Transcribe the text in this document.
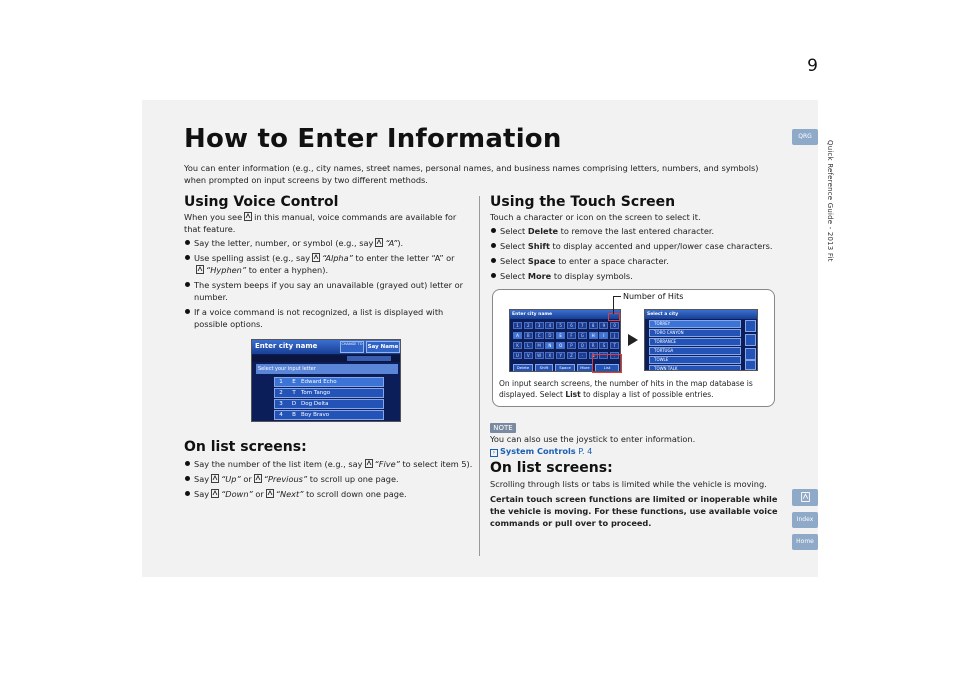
9
How to Enter Information
You can enter information (e.g., city names, street names, personal names, and business names comprising letters, numbers, and symbols) when prompted on input screens by two different methods.
Using Voice Control
When you see in this manual, voice commands are available for that feature.
Say the letter, number, or symbol (e.g., say “A”).
Use spelling assist (e.g., say “Alpha” to enter the letter “A” or
“Hyphen” to enter a hyphen).
The system beeps if you say an unavailable (grayed out) letter or number.
If a voice command is not recognized, a list is displayed with possible options.
On list screens:
Say the number of the list item (e.g., say “Five” to select item 5).
Say “Up” or “Previous” to scroll up one page.
Say “Down” or “Next” to scroll down one page.
Enter city name	CHANGE TO Say Name
Select your input letter
1 E Edward Echo
2 T Tom Tango
3 D Dog Delta
4 B Boy Bravo
Using the Touch Screen
Touch a character or icon on the screen to select it.
Select Delete to remove the last entered character.
Select Shift to display accented and upper/lower case characters.
Select Space to enter a space character.
Select More to display symbols.
Enter city name
1	2	3	4	5	6	7	8	9	0
A	B	C	D	E	F	G	H	I	J
K	L	M	N	O	P	Q	R	S	T
U	V	W	X	Y	Z	-	&	'	.
Delete	Shift	Space	More	List
Select a city
TORREY
TORO CANYON
TORRANCE
TORTUGA
TOWLE
TOWN TALK
Number of Hits
On input search screens, the number of hits in the map database is displayed. Select List to display a list of possible entries.
NOTE
You can also use the joystick to enter information.
› System Controls P. 4
On list screens:
Scrolling through lists or tabs is limited while the vehicle is moving.
Certain touch screen functions are limited or inoperable while the vehicle is moving. For these functions, use available voice commands or pull over to proceed.
QRG
Quick Reference Guide - 2013 Fit
Index
Home
